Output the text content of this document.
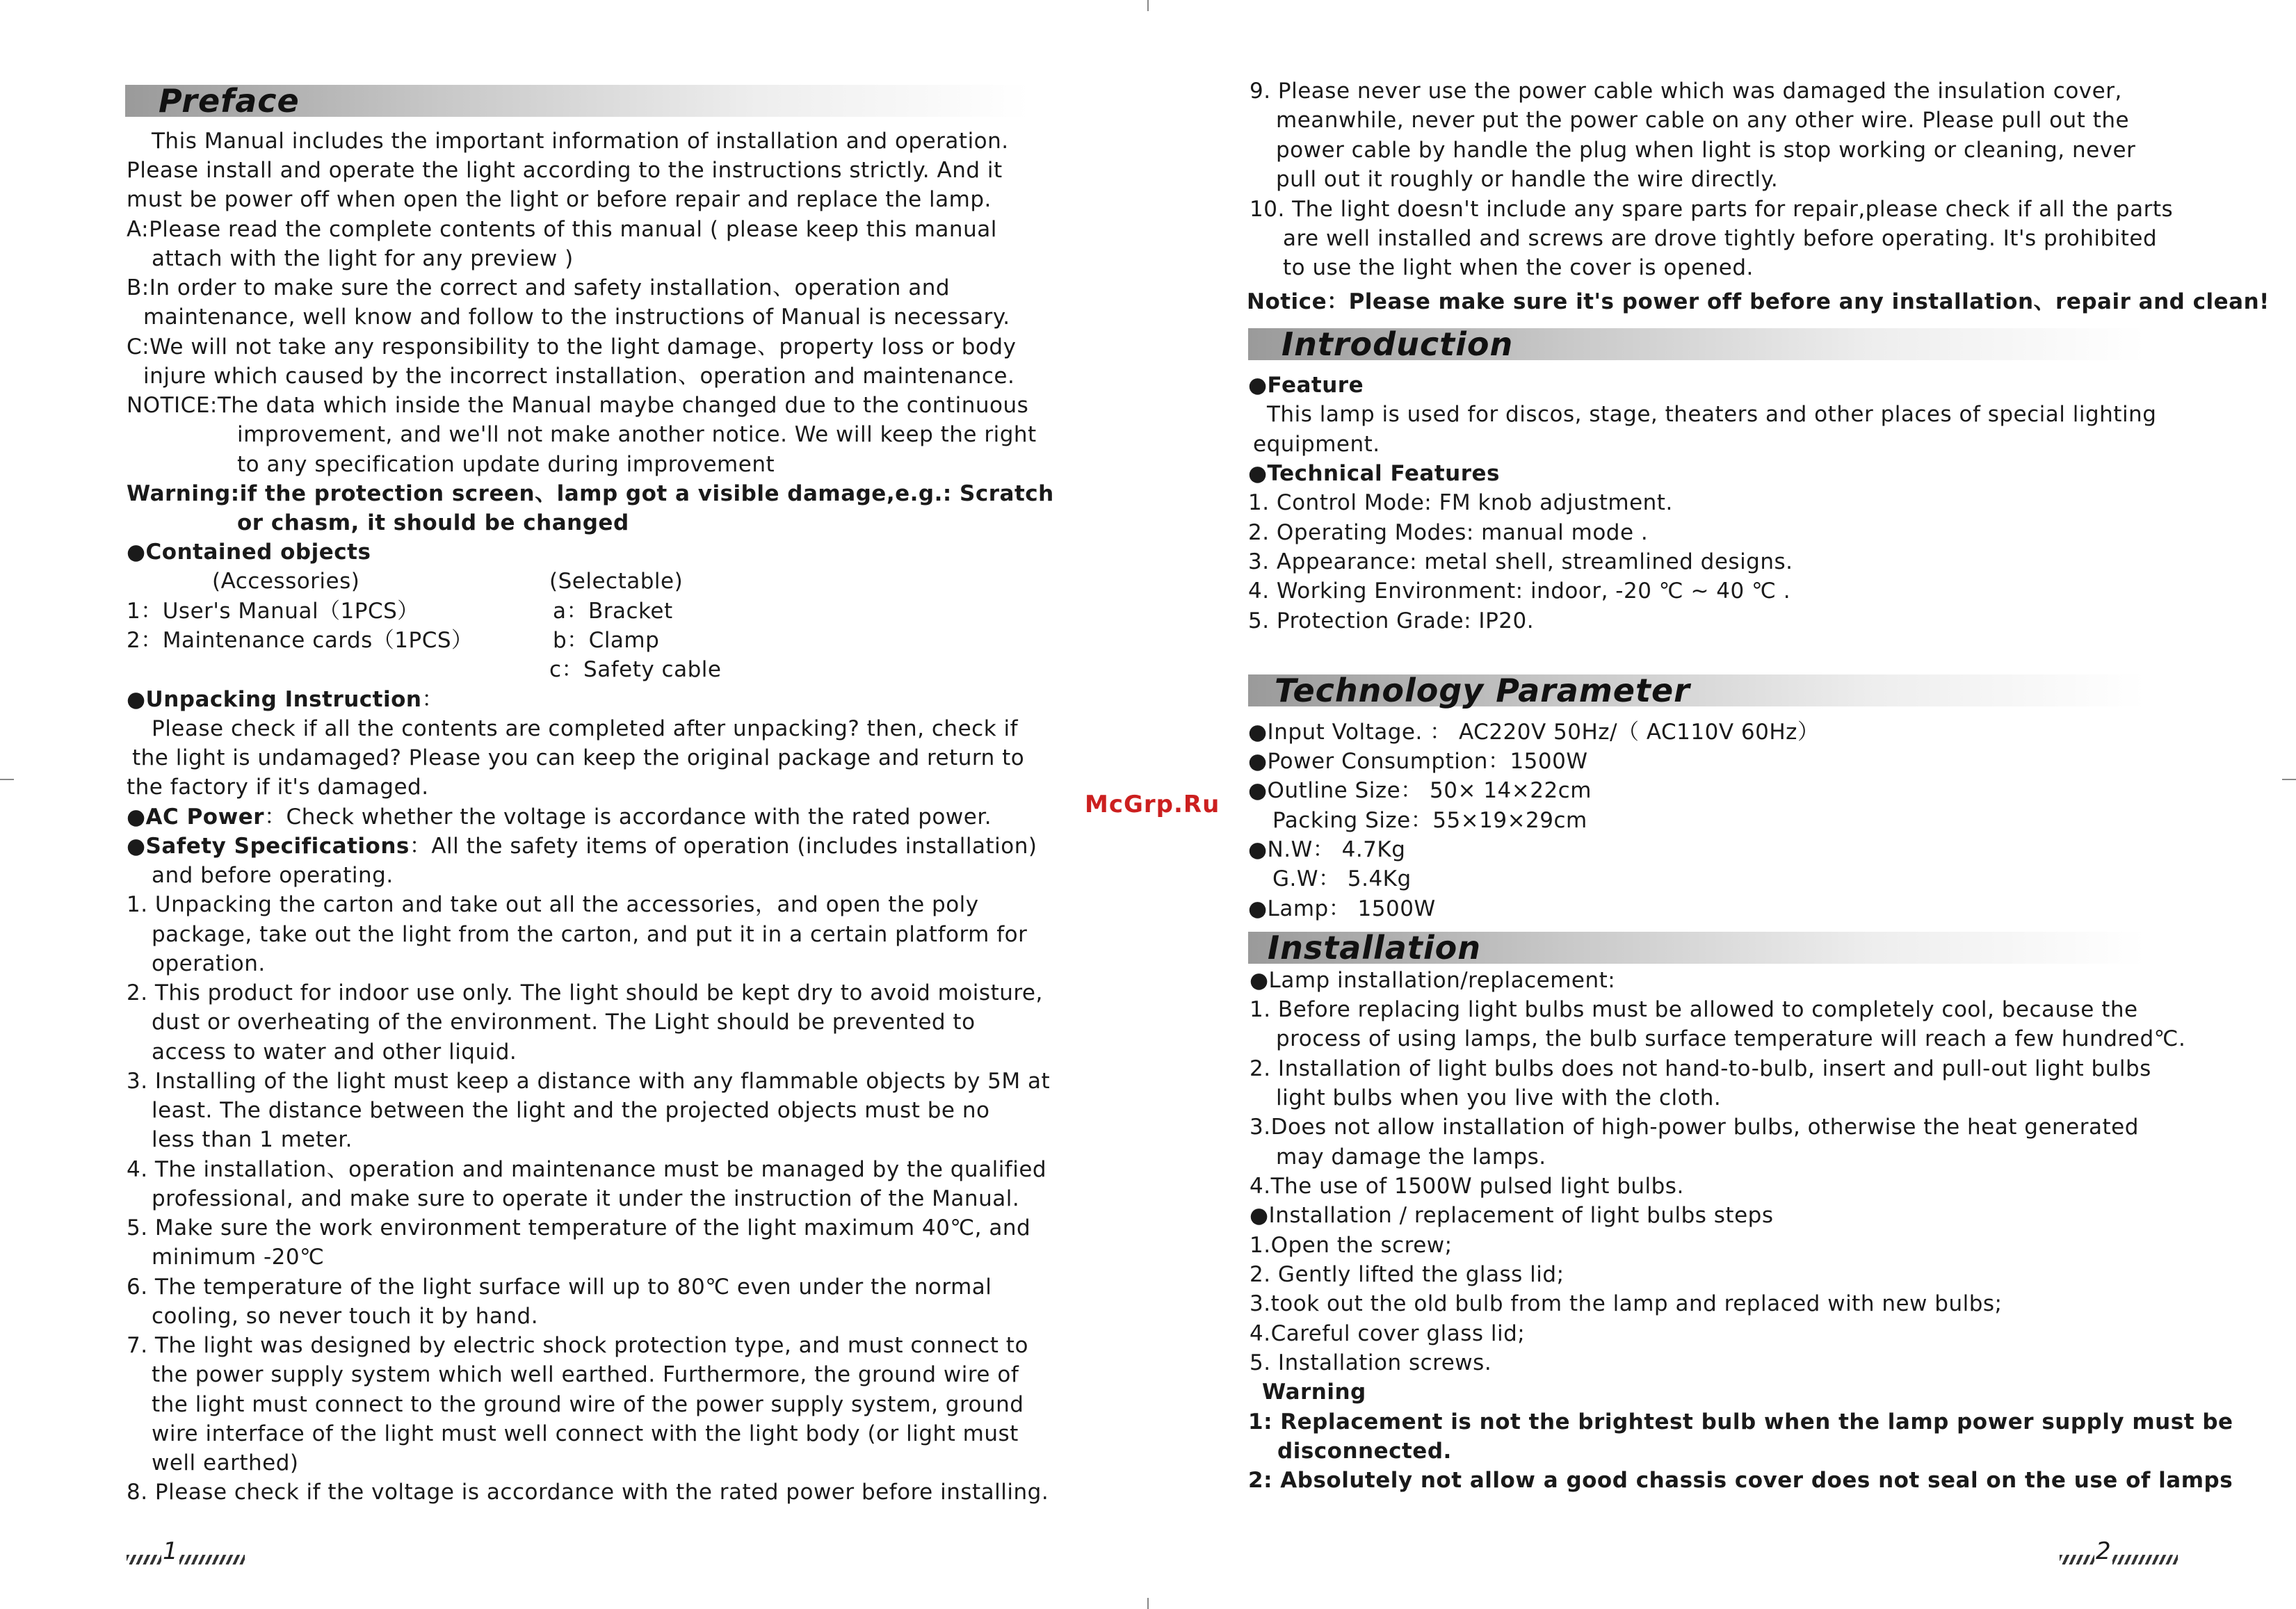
McGrp.Ru
Preface
This Manual includes the important information of installation and operation.
Please install and operate the light according to the instructions strictly. And it
must be power off when open the light or before repair and replace the lamp.
A:Please read the complete contents of this manual ( please keep this manual
attach with the light for any preview )
B:In order to make sure the correct and safety installation、operation and
maintenance, well know and follow to the instructions of Manual is necessary.
C:We will not take any responsibility to the light damage、property loss or body
injure which caused by the incorrect installation、operation and maintenance.
NOTICE:The data which inside the Manual maybe changed due to the continuous
improvement, and we'll not make another notice. We will keep the right
to any specification update during improvement
Warning:if the protection screen、lamp got a visible damage,e.g.: Scratch
or chasm, it should be changed
●Contained objects
(Accessories)	(Selectable)
1：User's Manual（1PCS）
2：Maintenance cards（1PCS）
a：Bracket
b：Clamp
c：Safety cable
●Unpacking Instruction：
Please check if all the contents are completed after unpacking? then, check if
the light is undamaged? Please you can keep the original package and return to
the factory if it's damaged.
●AC Power：Check whether the voltage is accordance with the rated power.
●Safety Specifications：All the safety items of operation (includes installation)
and before operating.
1. Unpacking the carton and take out all the accessories，and open the poly
package, take out the light from the carton, and put it in a certain platform for
operation.
2. This product for indoor use only. The light should be kept dry to avoid moisture,
dust or overheating of the environment. The Light should be prevented to
access to water and other liquid.
3. Installing of the light must keep a distance with any flammable objects by 5M at
least. The distance between the light and the projected objects must be no
less than 1 meter.
4. The installation、operation and maintenance must be managed by the qualified
professional, and make sure to operate it under the instruction of the Manual.
5. Make sure the work environment temperature of the light maximum 40℃, and
minimum -20℃
6. The temperature of the light surface will up to 80℃ even under the normal
cooling, so never touch it by hand.
7. The light was designed by electric shock protection type, and must connect to
the power supply system which well earthed. Furthermore, the ground wire of
the light must connect to the ground wire of the power supply system, ground
wire interface of the light must well connect with the light body (or light must
well earthed)
8. Please check if the voltage is accordance with the rated power before installing.
1
9. Please never use the power cable which was damaged the insulation cover,
meanwhile, never put the power cable on any other wire. Please pull out the
power cable by handle the plug when light is stop working or cleaning, never
pull out it roughly or handle the wire directly.
10. The light doesn't include any spare parts for repair,please check if all the parts
are well installed and screws are drove tightly before operating. It's prohibited
to use the light when the cover is opened.
Notice：Please make sure it's power off before any installation、repair and clean!
Introduction
●Feature
This lamp is used for discos, stage, theaters and other places of special lighting
equipment.
●Technical Features
1. Control Mode: FM knob adjustment.
2. Operating Modes: manual mode .
3. Appearance: metal shell, streamlined designs.
4. Working Environment: indoor, -20 ℃ ~ 40 ℃ .
5. Protection Grade: IP20.
Technology Parameter
●Input Voltage. ： AC220V 50Hz/（ AC110V 60Hz）
●Power Consumption：1500W
●Outline Size： 50× 14×22cm
Packing Size：55×19×29cm
●N.W： 4.7Kg
G.W： 5.4Kg
●Lamp： 1500W
Installation
●Lamp installation/replacement:
1. Before replacing light bulbs must be allowed to completely cool, because the
process of using lamps, the bulb surface temperature will reach a few hundred℃.
2. Installation of light bulbs does not hand-to-bulb, insert and pull-out light bulbs
light bulbs when you live with the cloth.
3.Does not allow installation of high-power bulbs, otherwise the heat generated
may damage the lamps.
4.The use of 1500W pulsed light bulbs.
●Installation / replacement of light bulbs steps
1.Open the screw;
2. Gently lifted the glass lid;
3.took out the old bulb from the lamp and replaced with new bulbs;
4.Careful cover glass lid;
5. Installation screws.
Warning
1: Replacement is not the brightest bulb when the lamp power supply must be
disconnected.
2: Absolutely not allow a good chassis cover does not seal on the use of lamps
2
